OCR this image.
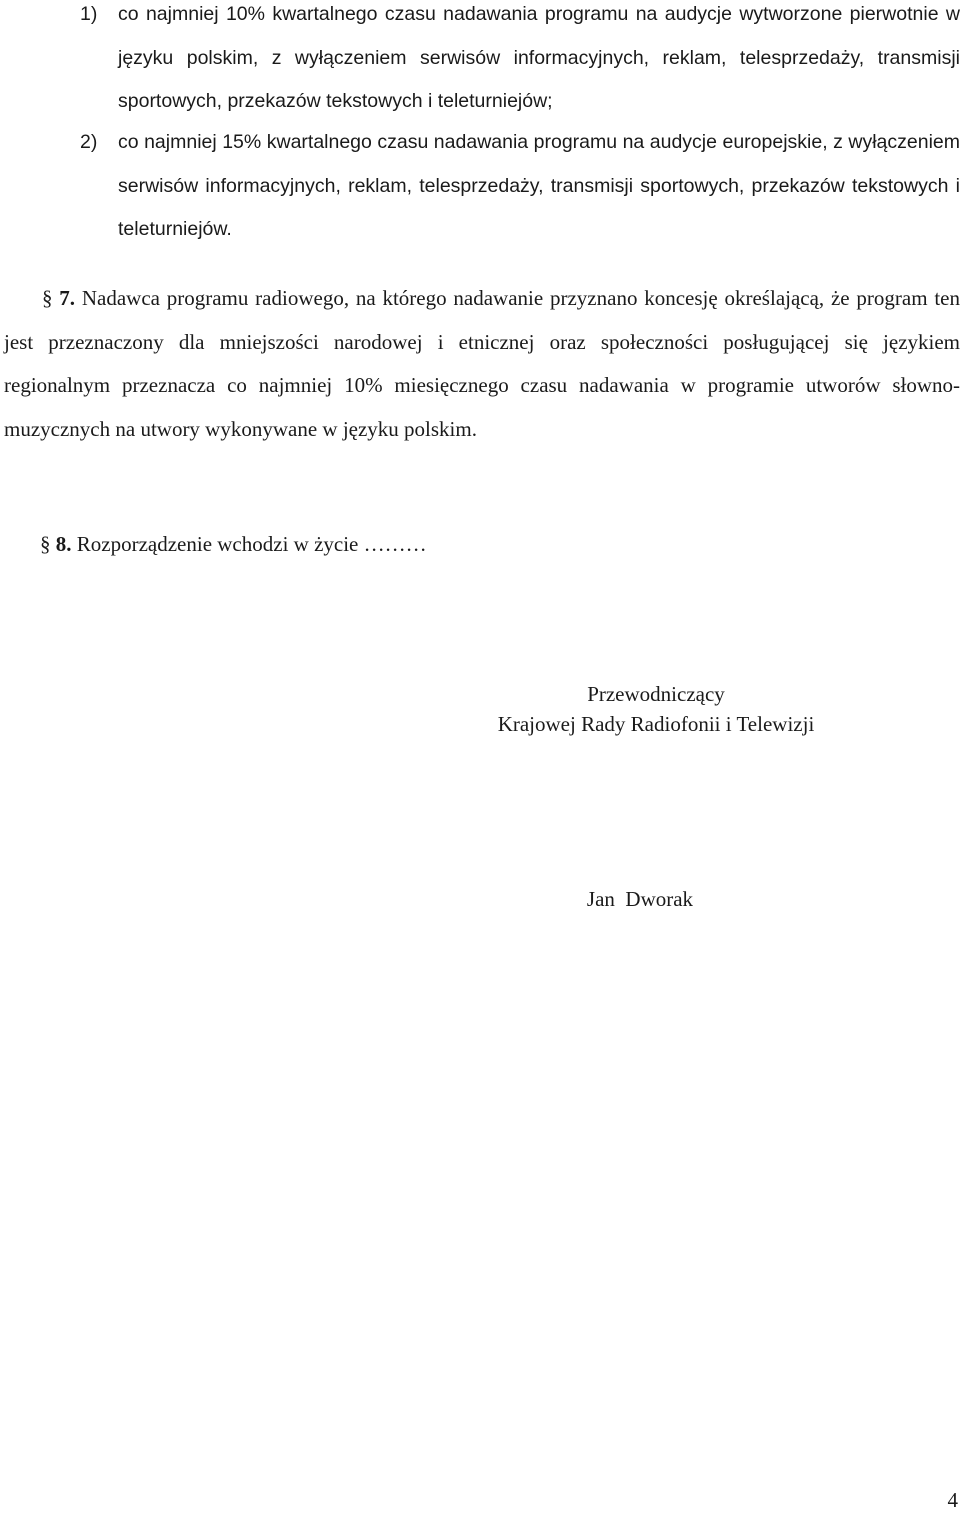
1) co najmniej 10% kwartalnego czasu nadawania programu na audycje wytworzone pierwotnie w języku polskim, z wyłączeniem serwisów informacyjnych, reklam, telesprzedaży, transmisji sportowych, przekazów tekstowych i teleturniejów;
2) co najmniej 15% kwartalnego czasu nadawania programu na audycje europejskie, z wyłączeniem serwisów informacyjnych, reklam, telesprzedaży, transmisji sportowych, przekazów tekstowych i teleturniejów.
§ 7. Nadawca programu radiowego, na którego nadawanie przyznano koncesję określającą, że program ten jest przeznaczony dla mniejszości narodowej i etnicznej oraz społeczności posługującej się językiem regionalnym przeznacza co najmniej 10% miesięcznego czasu nadawania w programie utworów słowno-muzycznych na utwory wykonywane w języku polskim.
§ 8. Rozporządzenie wchodzi w życie ………
Przewodniczący
Krajowej Rady Radiofonii i Telewizji
Jan  Dworak
4
